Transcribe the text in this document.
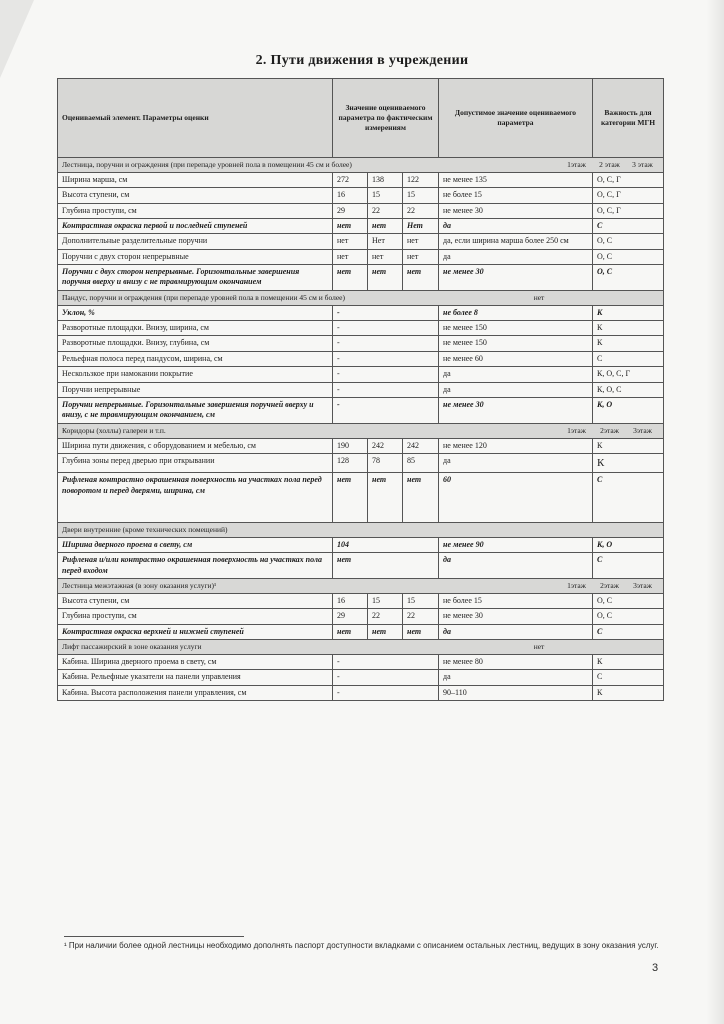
2. Пути движения в учреждении
Оцениваемый элемент. Параметры оценки	Значение оцениваемого параметра по фактическим измерениям			Допустимое значение оцениваемого параметра	Важность для категории МГН

Лестница, поручни и ограждения (при перепаде уровней пола в помещении 45 см и более) 1этаж 2 этаж 3 этаж					

Ширина марша, см	272	138	122	не менее 135	О, С, Г
Высота ступени, см	16	15	15	не более 15	О, С, Г
Глубина проступи, см	29	22	22	не менее 30	О, С, Г
Контрастная окраска первой и последней ступеней	нет	нет	Нет	да	С
Дополнительные разделительные поручни	нет	Нет	нет	да, если ширина марша более 250 см	О, С
Поручни с двух сторон непрерывные	нет	нет	нет	да	О, С
Поручни с двух сторон непрерывные. Горизонтальные завершения поручня вверху и внизу с не травмирующим окончанием	нет	нет	нет	не менее 30	О, С

Пандус, поручни и ограждения (при перепаде уровней пола в помещении 45 см и более) нет					

Уклон, %	-			не более 8	К
Разворотные площадки. Внизу, ширина, см	-			не менее 150	К
Разворотные площадки. Внизу, глубина, см	-			не менее 150	К
Рельефная полоса перед пандусом, ширина, см	-			не менее 60	С
Нескользкое при намокании покрытие	-			да	К, О, С, Г
Поручни непрерывные	-			да	К, О, С
Поручни непрерывные. Горизонтальные завершения поручней вверху и внизу, с не травмирующим окончанием, см	-			не менее 30	К, О

Коридоры (холлы) галереи и т.п. 1этаж 2этаж 3этаж					

Ширина пути движения, с оборудованием и мебелью, см	190	242	242	не менее 120	К
Глубина зоны перед дверью при открывании	128	78	85	да	К
Рифленая контрастно окрашенная поверхность на участках пола перед поворотом и перед дверями, ширина, см	нет	нет	нет	60	С

Двери внутренние (кроме технических помещений)					

Ширина дверного проема в свету, см	104			не менее 90	К, О
Рифленая и/или контрастно окрашенная поверхность на участках пола перед входом	нет			да	С

Лестница межэтажная (в зону оказания услуги)¹ 1этаж 2этаж 3этаж					

Высота ступени, см	16	15	15	не более 15	О, С
Глубина проступи, см	29	22	22	не менее 30	О, С
Контрастная окраска верхней и нижней ступеней	нет	нет	нет	да	С

Лифт пассажирский в зоне оказания услуги нет					

Кабина. Ширина дверного проема в свету, см	-			не менее 80	К
Кабина. Рельефные указатели на панели управления	-			да	С
Кабина. Высота расположения панели управления, см	-			90–110	К
¹ При наличии более одной лестницы необходимо дополнять паспорт доступности вкладками с описанием остальных лестниц, ведущих в зону оказания услуг.
3
